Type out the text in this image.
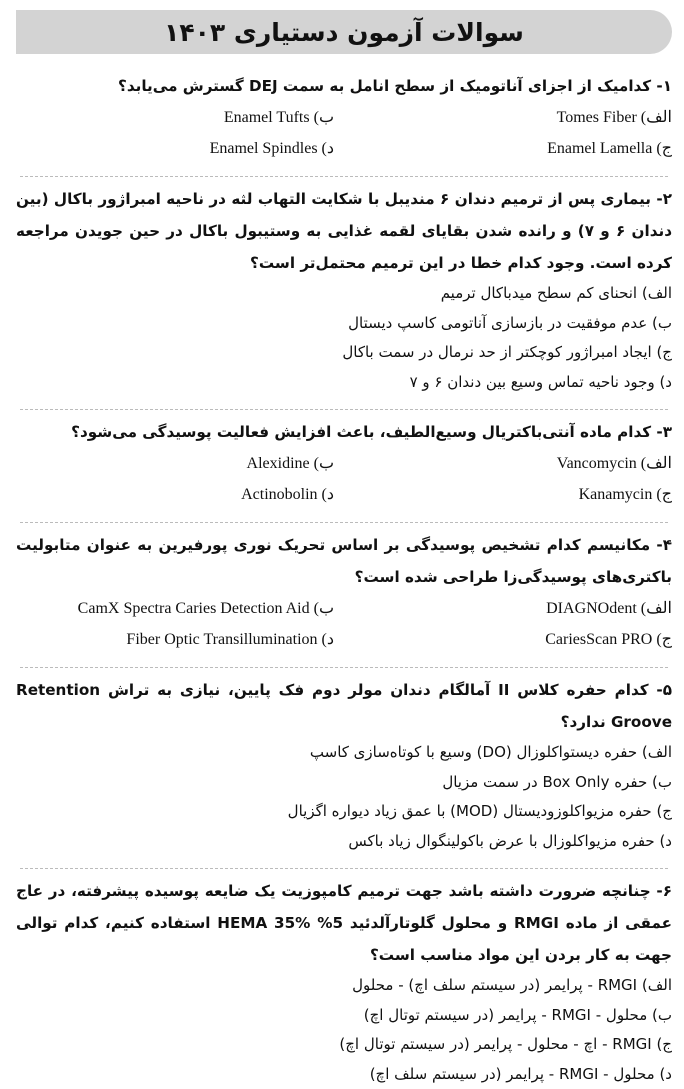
سوالات آزمون دستیاری ۱۴۰۳

۱- کدامیک از اجزای آناتومیک از سطح انامل به سمت DEJ گسترش می‌یابد؟

الف) Tomes Fiber
ب) Enamel Tufts
ج) Enamel Lamella
د) Enamel Spindles

۲- بیماری پس از ترمیم دندان ۶ مندیبل با شکایت التهاب لثه در ناحیه امبراژور باکال (بین دندان ۶ و ۷) و رانده شدن بقایای لقمه غذایی به وستیبول باکال در حین جویدن مراجعه کرده است. وجود کدام خطا در این ترمیم محتمل‌تر است؟

الف) انحنای کم سطح میدباکال ترمیم
ب) عدم موفقیت در بازسازی آناتومی کاسپ دیستال
ج) ایجاد امبراژور کوچکتر از حد نرمال در سمت باکال
د) وجود ناحیه تماس وسیع بین دندان ۶ و ۷

۳- کدام ماده آنتی‌باکتریال وسیع‌الطیف، باعث افزایش فعالیت پوسیدگی می‌شود؟

الف) Vancomycin
ب) Alexidine
ج) Kanamycin
د) Actinobolin

۴- مکانیسم کدام تشخیص پوسیدگی بر اساس تحریک نوری پورفیرین به عنوان متابولیت باکتری‌های پوسیدگی‌زا طراحی شده است؟

الف) DIAGNOdent
ب) CamX Spectra Caries Detection Aid
ج) CariesScan PRO
د) Fiber Optic Transillumination

۵- کدام حفره کلاس II آمالگام دندان مولر دوم فک پایین، نیازی به تراش Retention Groove ندارد؟

الف) حفره دیستواکلوزال (DO) وسیع با کوتاه‌سازی کاسپ
ب) حفره Box Only در سمت مزیال
ج) حفره مزیواکلوزودیستال (MOD) با عمق زیاد دیواره اگزیال
د) حفره مزیواکلوزال با عرض باکولینگوال زیاد باکس

۶- چنانچه ضرورت داشته باشد جهت ترمیم کامپوزیت یک ضایعه پوسیده پیشرفته، در عاج عمقی از ماده RMGI و محلول گلوتارآلدئید 5% HEMA 35% استفاده کنیم، کدام توالی جهت به کار بردن این مواد مناسب است؟

الف) RMGI - پرایمر (در سیستم سلف اچ) - محلول
ب) محلول - RMGI - پرایمر (در سیستم توتال اچ)
ج) RMGI - اچ - محلول - پرایمر (در سیستم توتال اچ)
د) محلول - RMGI - پرایمر (در سیستم سلف اچ)
